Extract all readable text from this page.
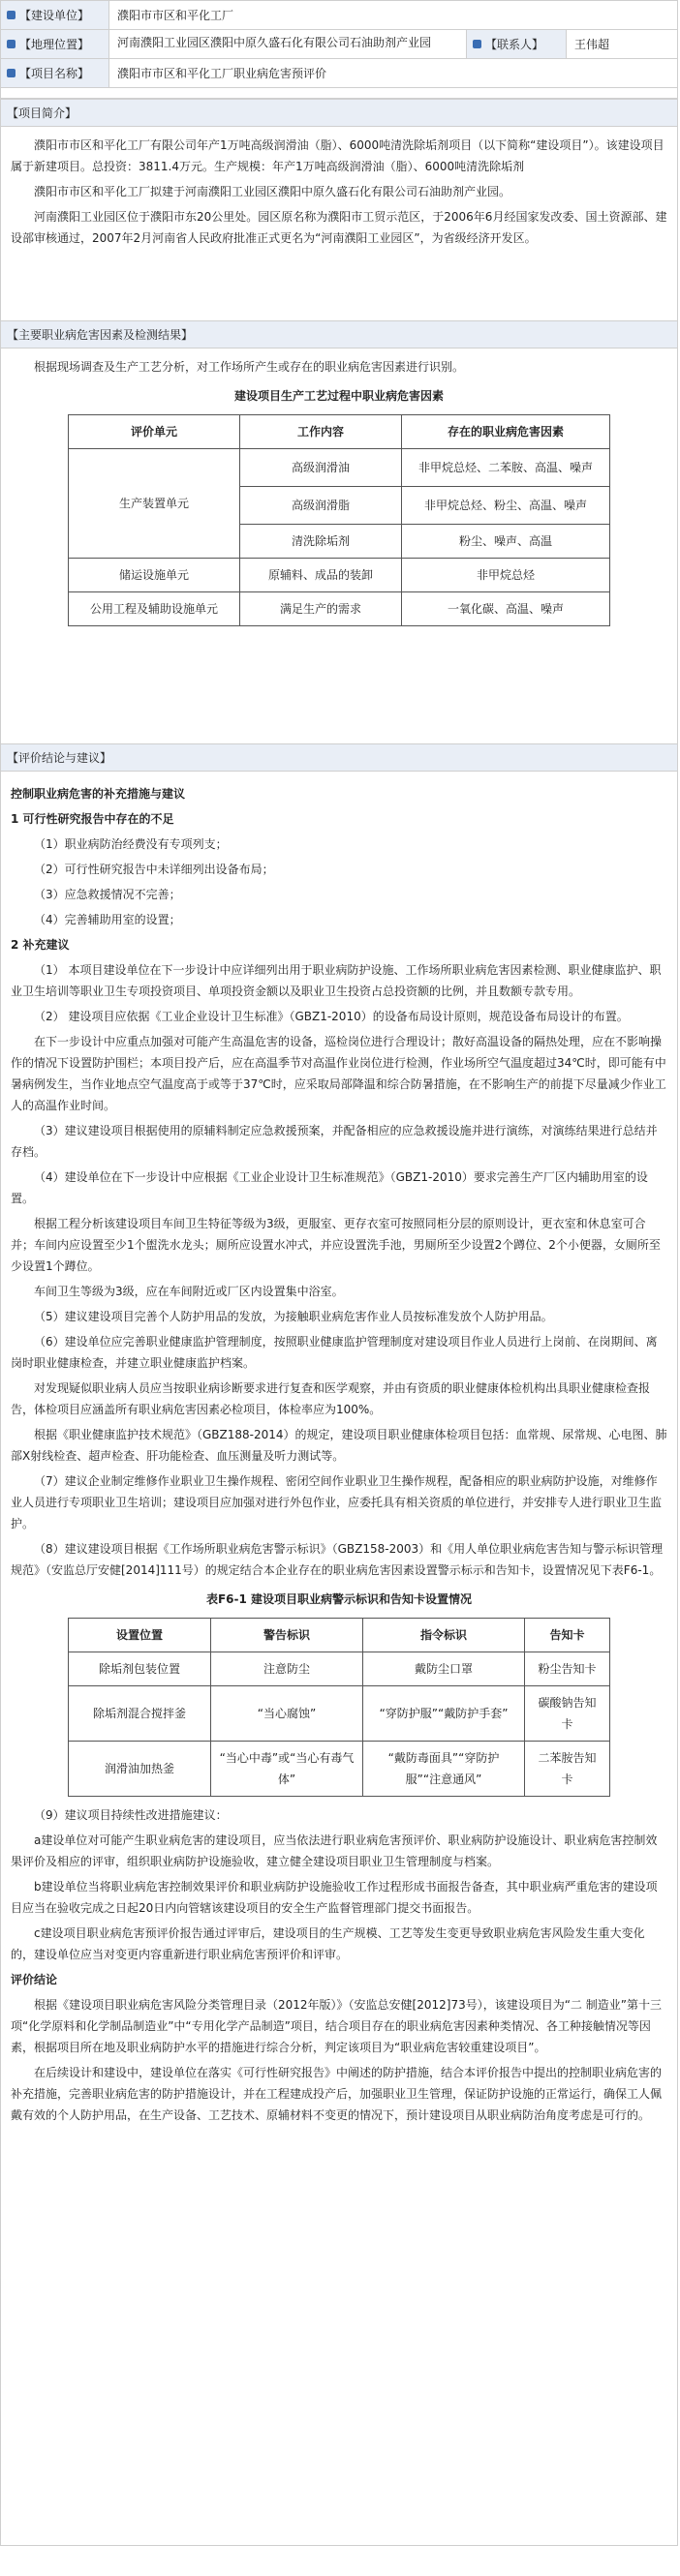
【建设单位】	濮阳市市区和平化工厂
【地理位置】	河南濮阳工业园区濮阳中原久盛石化有限公司石油助剂产业园	【联系人】	王伟超
【项目名称】	濮阳市市区和平化工厂职业病危害预评价
【项目简介】

濮阳市市区和平化工厂有限公司年产1万吨高级润滑油（脂）、6000吨清洗除垢剂项目（以下简称“建设项目”）。该建设项目属于新建项目。总投资：3811.4万元。生产规模：年产1万吨高级润滑油（脂）、6000吨清洗除垢剂

濮阳市市区和平化工厂拟建于河南濮阳工业园区濮阳中原久盛石化有限公司石油助剂产业园。

河南濮阳工业园区位于濮阳市东20公里处。园区原名称为濮阳市工贸示范区，于2006年6月经国家发改委、国土资源部、建设部审核通过，2007年2月河南省人民政府批准正式更名为“河南濮阳工业园区”，为省级经济开发区。

【主要职业病危害因素及检测结果】

根据现场调查及生产工艺分析，对工作场所产生或存在的职业病危害因素进行识别。

建设项目生产工艺过程中职业病危害因素
评价单元	工作内容	存在的职业病危害因素
生产装置单元	高级润滑油	非甲烷总烃、二苯胺、高温、噪声
	高级润滑脂	非甲烷总烃、粉尘、高温、噪声
	清洗除垢剂	粉尘、噪声、高温
储运设施单元	原辅料、成品的装卸	非甲烷总烃
公用工程及辅助设施单元	满足生产的需求	一氧化碳、高温、噪声
【评价结论与建议】
控制职业病危害的补充措施与建议
1 可行性研究报告中存在的不足

（1）职业病防治经费没有专项列支；

（2）可行性研究报告中未详细列出设备布局；

（3）应急救援情况不完善；

（4）完善辅助用室的设置；

2 补充建议

（1） 本项目建设单位在下一步设计中应详细列出用于职业病防护设施、工作场所职业病危害因素检测、职业健康监护、职业卫生培训等职业卫生专项投资项目、单项投资金额以及职业卫生投资占总投资额的比例，并且数额专款专用。

（2） 建设项目应依据《工业企业设计卫生标准》（GBZ1-2010）的设备布局设计原则，规范设备布局设计的布置。

在下一步设计中应重点加强对可能产生高温危害的设备，巡检岗位进行合理设计；散好高温设备的隔热处理，应在不影响操作的情况下设置防护围栏；本项目投产后，应在高温季节对高温作业岗位进行检测，作业场所空气温度超过34℃时，即可能有中暑病例发生，当作业地点空气温度高于或等于37℃时，应采取局部降温和综合防暑措施，在不影响生产的前提下尽量减少作业工人的高温作业时间。

（3）建议建设项目根据使用的原辅料制定应急救援预案，并配备相应的应急救援设施并进行演练，对演练结果进行总结并存档。

（4）建设单位在下一步设计中应根据《工业企业设计卫生标准规范》（GBZ1-2010）要求完善生产厂区内辅助用室的设置。

根据工程分析该建设项目车间卫生特征等级为3级，更服室、更存衣室可按照同柜分层的原则设计，更衣室和休息室可合并；车间内应设置至少1个盥洗水龙头；厕所应设置水冲式，并应设置洗手池，男厕所至少设置2个蹲位、2个小便器，女厕所至少设置1个蹲位。

车间卫生等级为3级，应在车间附近或厂区内设置集中浴室。

（5）建议建设项目完善个人防护用品的发放，为接触职业病危害作业人员按标准发放个人防护用品。

（6）建设单位应完善职业健康监护管理制度，按照职业健康监护管理制度对建设项目作业人员进行上岗前、在岗期间、离岗时职业健康检查，并建立职业健康监护档案。

对发现疑似职业病人员应当按职业病诊断要求进行复查和医学观察，并由有资质的职业健康体检机构出具职业健康检查报告，体检项目应涵盖所有职业病危害因素必检项目，体检率应为100%。

根据《职业健康监护技术规范》（GBZ188-2014）的规定，建设项目职业健康体检项目包括：血常规、尿常规、心电图、肺部X射线检查、超声检查、肝功能检查、血压测量及听力测试等。

（7）建议企业制定维修作业职业卫生操作规程、密闭空间作业职业卫生操作规程，配备相应的职业病防护设施，对维修作业人员进行专项职业卫生培训；建设项目应加强对进行外包作业，应委托具有相关资质的单位进行，并安排专人进行职业卫生监护。

（8）建议建设项目根据《工作场所职业病危害警示标识》（GBZ158-2003）和《用人单位职业病危害告知与警示标识管理规范》（安监总厅安健[2014]111号）的规定结合本企业存在的职业病危害因素设置警示标示和告知卡，设置情况见下表F6-1。

表F6-1 建设项目职业病警示标识和告知卡设置情况
设置位置	警告标识	指令标识	告知卡
除垢剂包装位置	注意防尘	戴防尘口罩	粉尘告知卡
除垢剂混合搅拌釜	“当心腐蚀”	“穿防护服”“戴防护手套”	碳酸钠告知卡
润滑油加热釜	“当心中毒”或“当心有毒气体”	“戴防毒面具”“穿防护服”“注意通风”	二苯胺告知卡

（9）建议项目持续性改进措施建议：

a建设单位对可能产生职业病危害的建设项目，应当依法进行职业病危害预评价、职业病防护设施设计、职业病危害控制效果评价及相应的评审，组织职业病防护设施验收，建立健全建设项目职业卫生管理制度与档案。

b建设单位当将职业病危害控制效果评价和职业病防护设施验收工作过程形成书面报告备查，其中职业病严重危害的建设项目应当在验收完成之日起20日内向管辖该建设项目的安全生产监督管理部门提交书面报告。

c建设项目职业病危害预评价报告通过评审后，建设项目的生产规模、工艺等发生变更导致职业病危害风险发生重大变化的，建设单位应当对变更内容重新进行职业病危害预评价和评审。

评价结论

根据《建设项目职业病危害风险分类管理目录（2012年版）》（安监总安健[2012]73号），该建设项目为“二 制造业”第十三项“化学原料和化学制品制造业”中“专用化学产品制造”项目，结合项目存在的职业病危害因素种类情况、各工种接触情况等因素，根据项目所在地及职业病防护水平的措施进行综合分析，判定该项目为“职业病危害较重建设项目”。

在后续设计和建设中，建设单位在落实《可行性研究报告》中阐述的防护措施，结合本评价报告中提出的控制职业病危害的补充措施，完善职业病危害的防护措施设计，并在工程建成投产后，加强职业卫生管理，保证防护设施的正常运行，确保工人佩戴有效的个人防护用品，在生产设备、工艺技术、原辅材料不变更的情况下，预计建设项目从职业病防治角度考虑是可行的。
